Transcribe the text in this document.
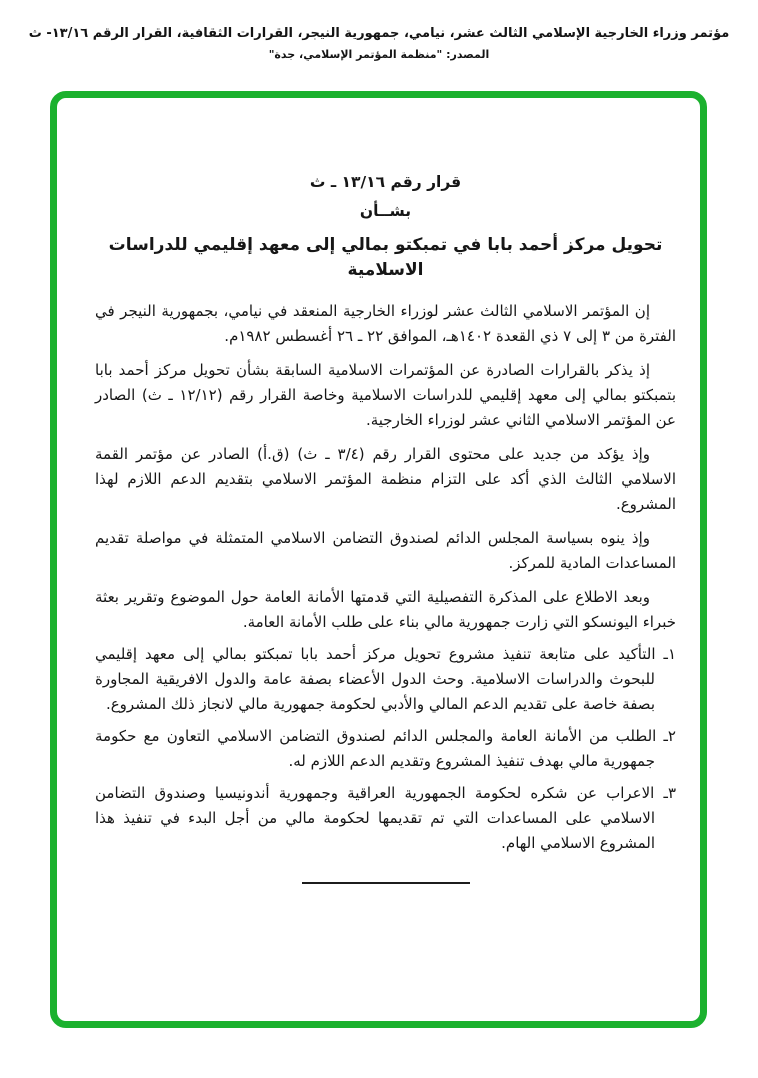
مؤتمر وزراء الخارجية الإسلامي الثالث عشر، نيامي، جمهورية النيجر، القرارات الثقافية، القرار الرقم ١٣/١٦- ث
المصدر: "منظمة المؤتمر الإسلامي، جدة"
قرار رقم ١٣/١٦ ـ ث
بشــأن
تحويل مركز أحمد بابا في تمبكتو بمالي إلى معهد إقليمي للدراسات الاسلامية
إن المؤتمر الاسلامي الثالث عشر لوزراء الخارجية المنعقد في نيامي، بجمهورية النيجر في الفترة من ٣ إلى ٧ ذي القعدة ١٤٠٢هـ، الموافق ٢٢ ـ ٢٦ أغسطس ١٩٨٢م.
إذ يذكر بالقرارات الصادرة عن المؤتمرات الاسلامية السابقة بشأن تحويل مركز أحمد بابا بتمبكتو بمالي إلى معهد إقليمي للدراسات الاسلامية وخاصة القرار رقم (١٢/١٢ ـ ث) الصادر عن المؤتمر الاسلامي الثاني عشر لوزراء الخارجية.
وإذ يؤكد من جديد على محتوى القرار رقم (٣/٤ ـ ث) (ق.أ) الصادر عن مؤتمر القمة الاسلامي الثالث الذي أكد على التزام منظمة المؤتمر الاسلامي بتقديم الدعم اللازم لهذا المشروع.
وإذ ينوه بسياسة المجلس الدائم لصندوق التضامن الاسلامي المتمثلة في مواصلة تقديم المساعدات المادية للمركز.
وبعد الاطلاع على المذكرة التفصيلية التي قدمتها الأمانة العامة حول الموضوع وتقرير بعثة خبراء اليونسكو التي زارت جمهورية مالي بناء على طلب الأمانة العامة.
١ـ التأكيد على متابعة تنفيذ مشروع تحويل مركز أحمد بابا تمبكتو بمالي إلى معهد إقليمي للبحوث والدراسات الاسلامية. وحث الدول الأعضاء بصفة عامة والدول الافريقية المجاورة بصفة خاصة على تقديم الدعم المالي والأدبي لحكومة جمهورية مالي لانجاز ذلك المشروع.
٢ـ الطلب من الأمانة العامة والمجلس الدائم لصندوق التضامن الاسلامي التعاون مع حكومة جمهورية مالي بهدف تنفيذ المشروع وتقديم الدعم اللازم له.
٣ـ الاعراب عن شكره لحكومة الجمهورية العراقية وجمهورية أندونيسيا وصندوق التضامن الاسلامي على المساعدات التي تم تقديمها لحكومة مالي من أجل البدء في تنفيذ هذا المشروع الاسلامي الهام.
